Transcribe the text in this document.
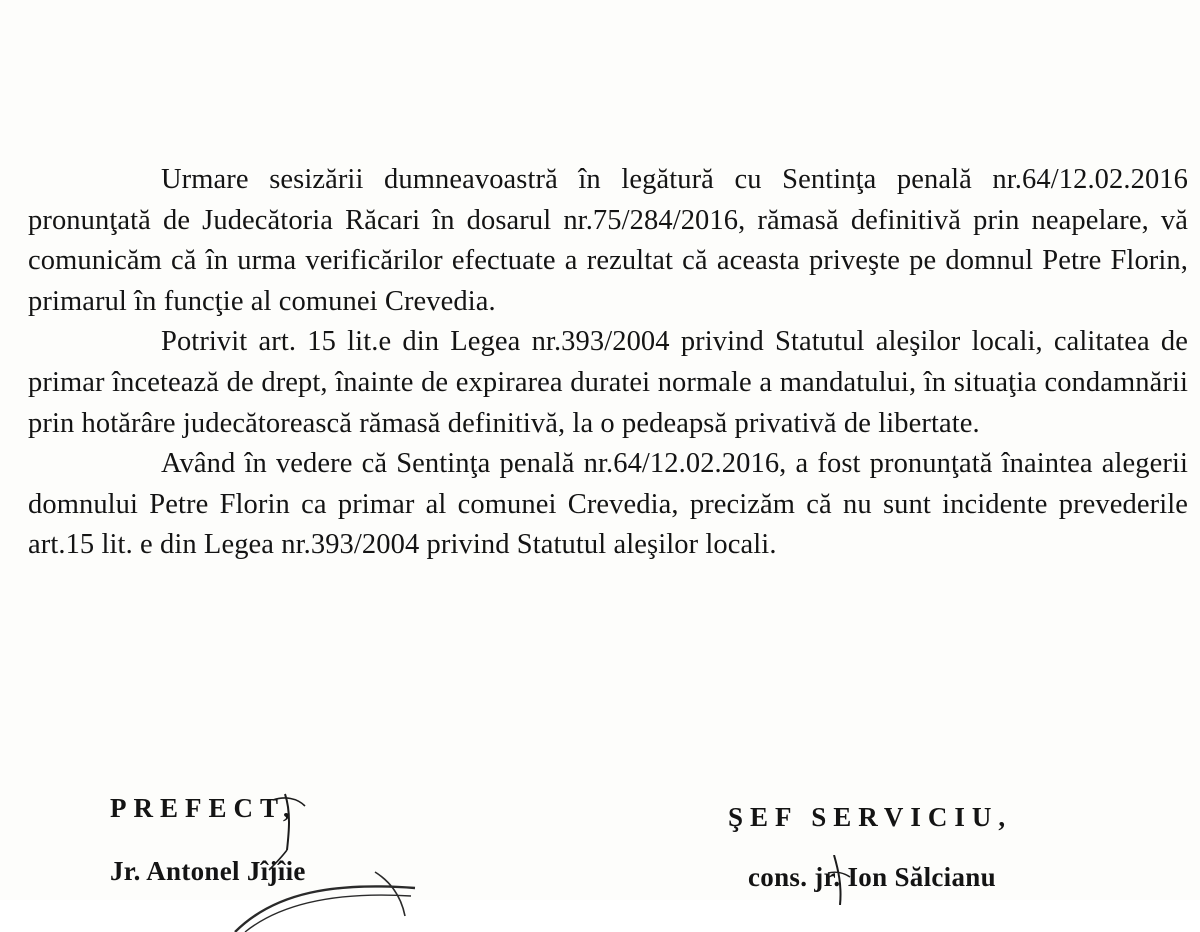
Urmare sesizării dumneavoastră în legătură cu Sentinţa penală nr.64/12.02.2016 pronunţată de Judecătoria Răcari în dosarul nr.75/284/2016, rămasă definitivă prin neapelare, vă comunicăm că în urma verificărilor efectuate a rezultat că aceasta priveşte pe domnul Petre Florin, primarul în funcţie al comunei Crevedia.

Potrivit art. 15 lit.e din Legea nr.393/2004 privind Statutul aleşilor locali, calitatea de primar încetează de drept, înainte de expirarea duratei normale a mandatului, în situaţia condamnării prin hotărâre judecătorească rămasă definitivă, la o pedeapsă privativă de libertate.

Având în vedere că Sentinţa penală nr.64/12.02.2016, a fost pronunţată înaintea alegerii domnului Petre Florin ca primar al comunei Crevedia, precizăm că nu sunt incidente prevederile art.15 lit. e din Legea nr.393/2004 privind Statutul aleşilor locali.

PREFECT,
Jr. Antonel Jîjîie
ŞEF SERVICIU,
cons. jr. Ion Sălcianu
